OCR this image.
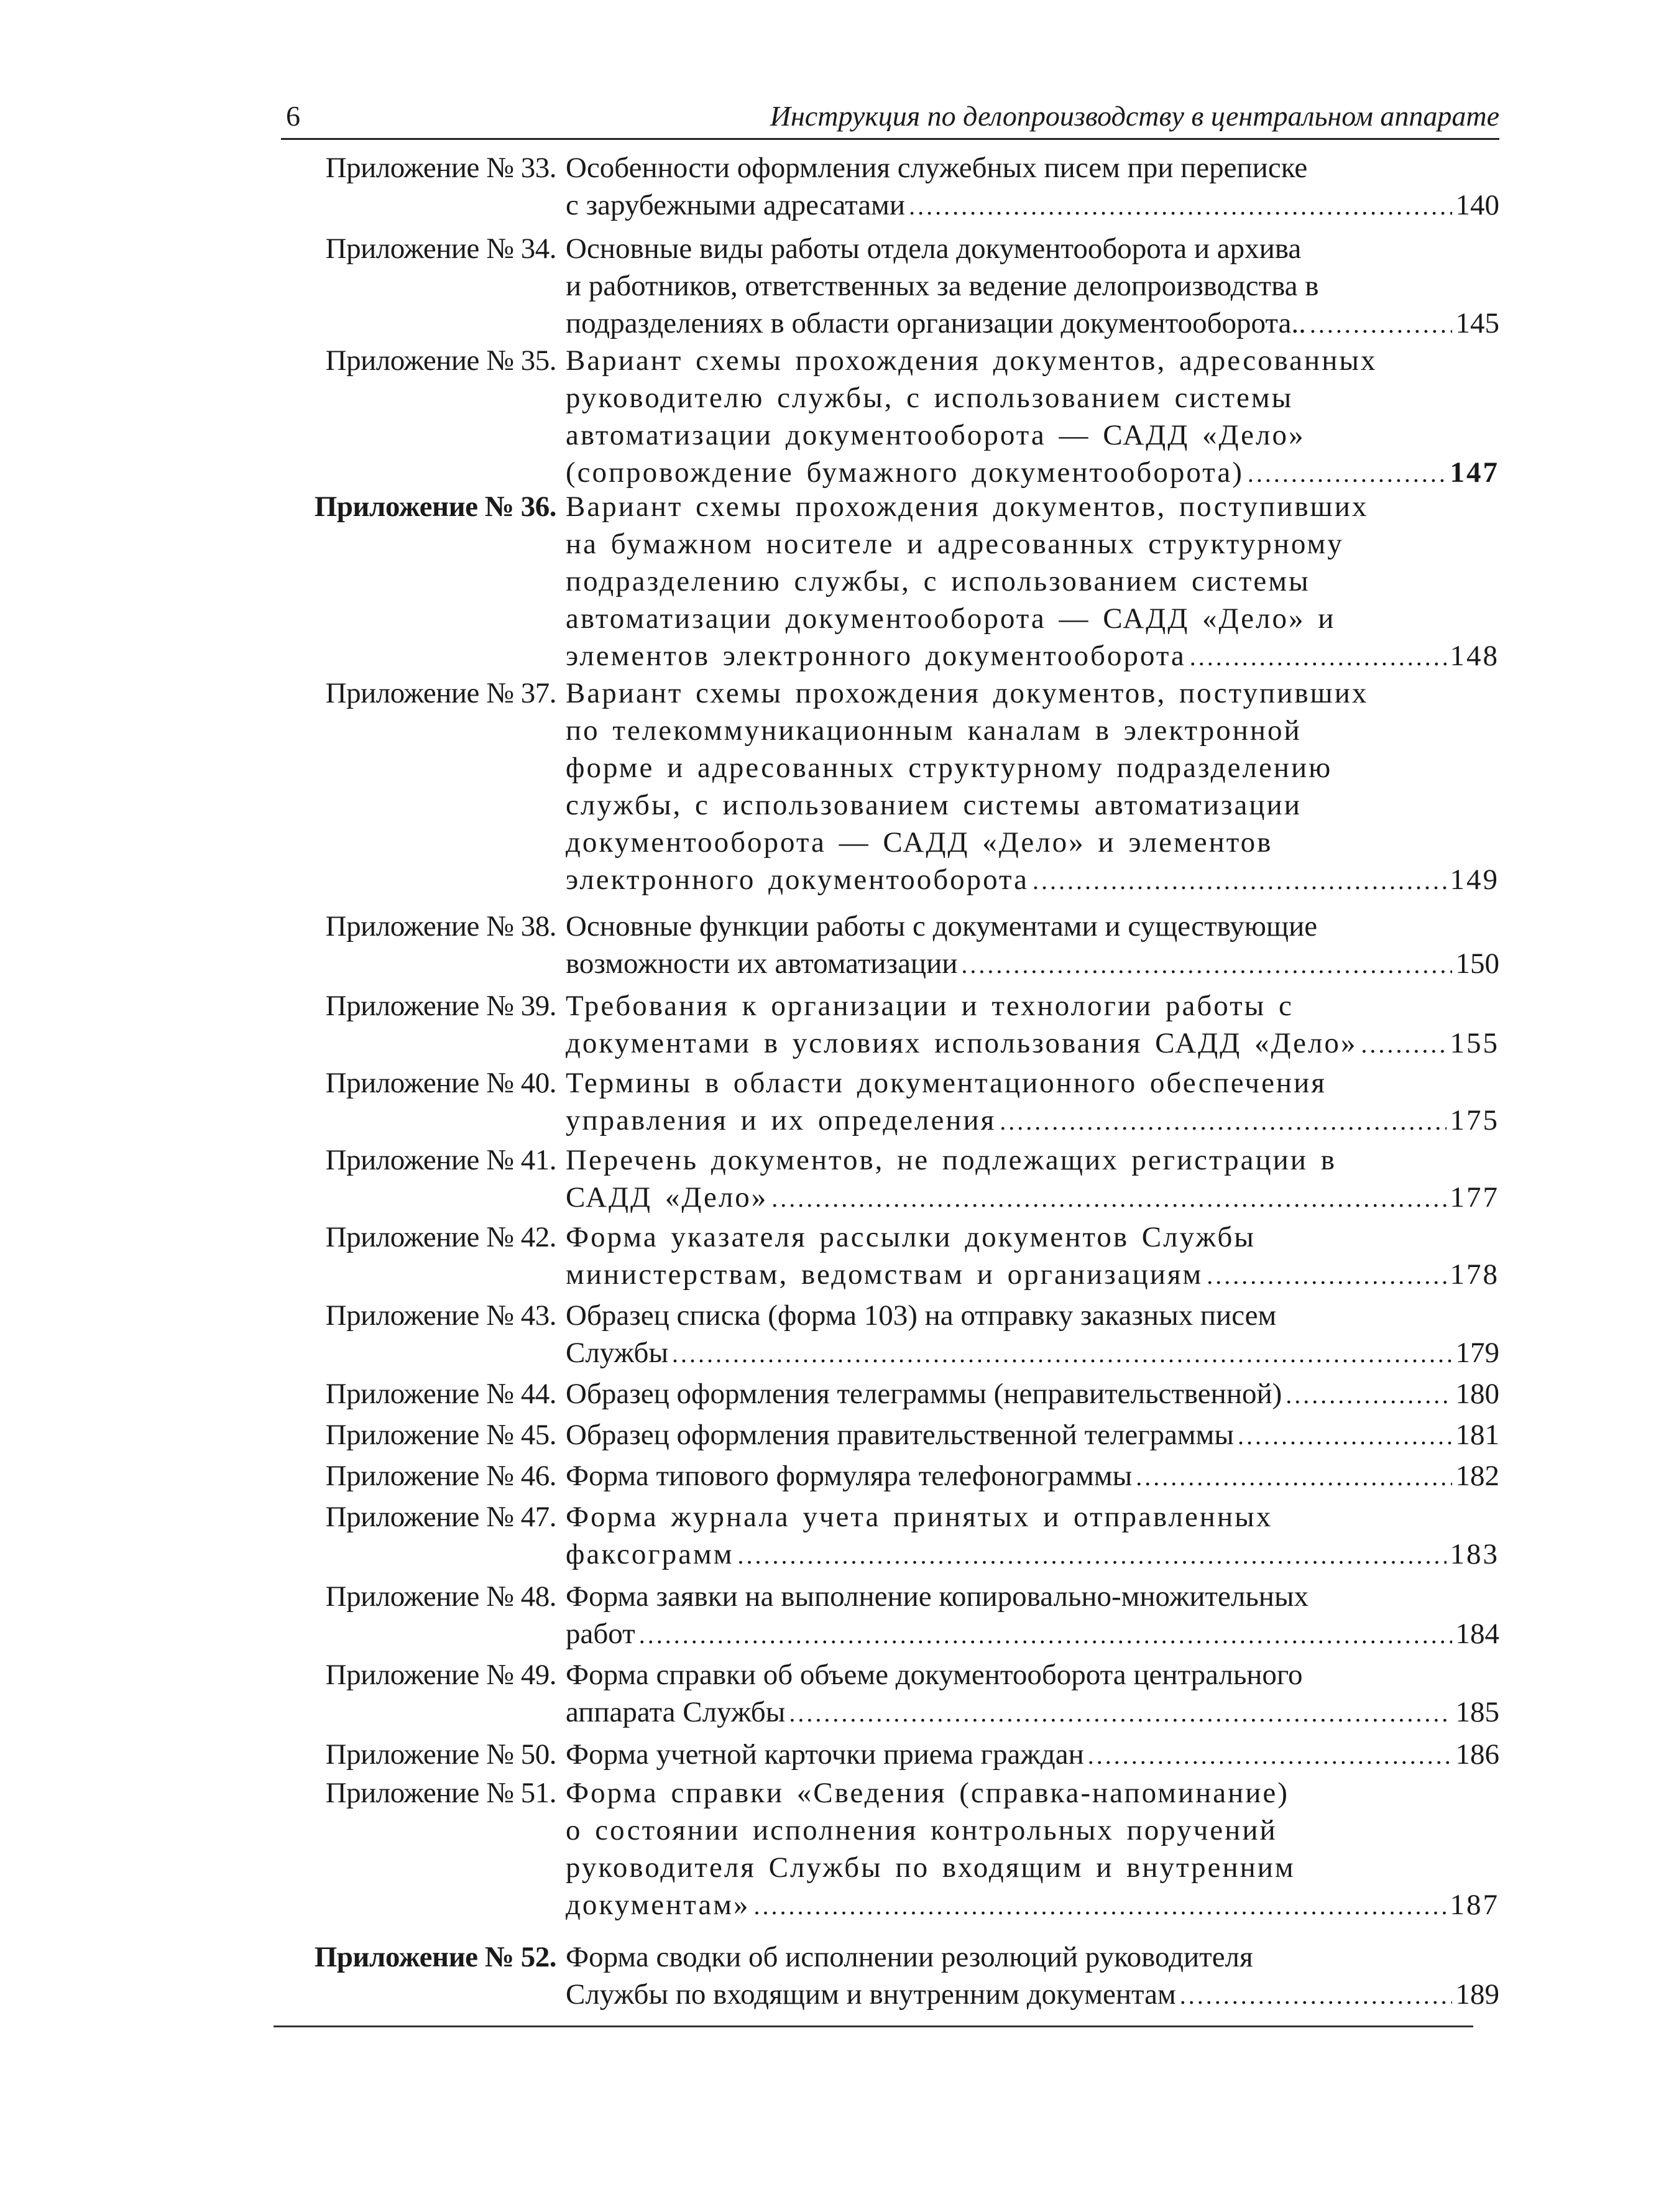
6	Инструкция по делопроизводству в центральном аппарате
Приложение № 33. Особенности оформления служебных писем при переписке
с зарубежными адресатами .....	140
Приложение № 34. Основные виды работы отдела документооборота и архива
и работников, ответственных за ведение делопроизводства в
подразделениях в области организации документооборота.. .....	145
Приложение № 35. Вариант схемы прохождения документов, адресованных
руководителю службы, с использованием системы
автоматизации документооборота — САДД «Дело»
(сопровождение бумажного документооборота) .....	147
Приложение № 36. Вариант схемы прохождения документов, поступивших
на бумажном носителе и адресованных структурному
подразделению службы, с использованием системы
автоматизации документооборота — САДД «Дело» и
элементов электронного документооборота .....	148
Приложение № 37. Вариант схемы прохождения документов, поступивших
по телекоммуникационным каналам в электронной
форме и адресованных структурному подразделению
службы, с использованием системы автоматизации
документооборота — САДД «Дело» и элементов
электронного документооборота .....	149
Приложение № 38. Основные функции работы с документами и существующие
возможности их автоматизации .....	150
Приложение № 39. Требования к организации и технологии работы с
документами в условиях использования САДД «Дело» .....	155
Приложение № 40. Термины в области документационного обеспечения
управления и их определения .....	175
Приложение № 41. Перечень документов, не подлежащих регистрации в
САДД «Дело» .....	177
Приложение № 42. Форма указателя рассылки документов Службы
министерствам, ведомствам и организациям .....	178
Приложение № 43. Образец списка (форма 103) на отправку заказных писем
Службы .....	179
Приложение № 44. Образец оформления телеграммы (неправительственной) .....	180
Приложение № 45. Образец оформления правительственной телеграммы .....	181
Приложение № 46. Форма типового формуляра телефонограммы .....	182
Приложение № 47. Форма журнала учета принятых и отправленных
факсограмм .....	183
Приложение № 48. Форма заявки на выполнение копировально-множительных
работ .....	184
Приложение № 49. Форма справки об объеме документооборота центрального
аппарата Службы .....	185
Приложение № 50. Форма учетной карточки приема граждан .....	186
Приложение № 51. Форма справки «Сведения (справка-напоминание)
о состоянии исполнения контрольных поручений
руководителя Службы по входящим и внутренним
документам» .....	187
Приложение № 52. Форма сводки об исполнении резолюций руководителя
Службы по входящим и внутренним документам .....	189
